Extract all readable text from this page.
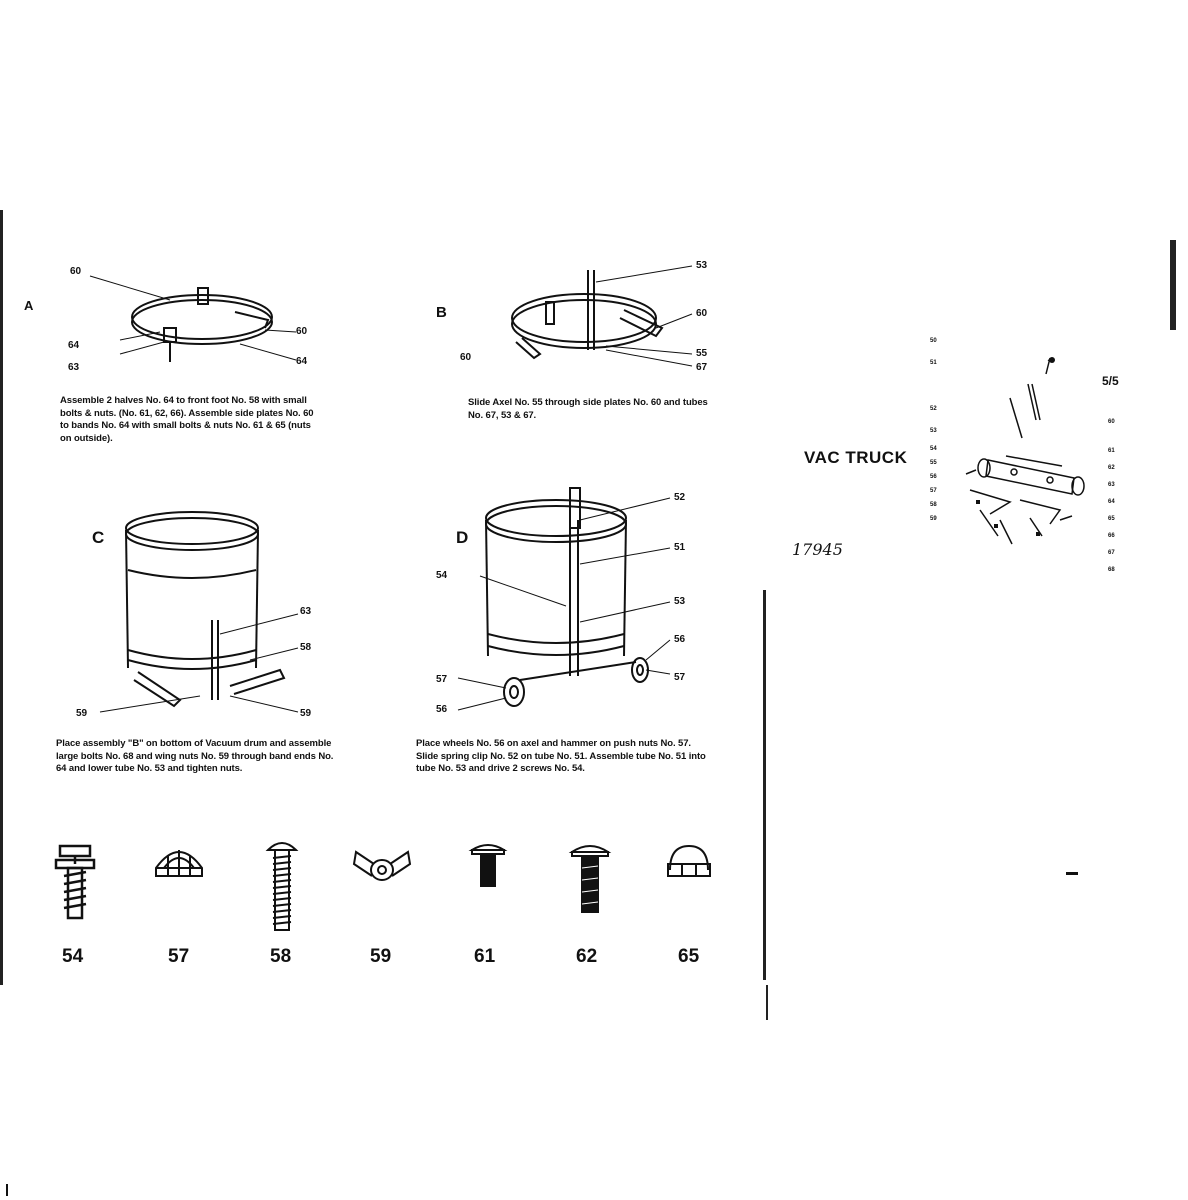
A
60
60
64
63
64
Assemble 2 halves No. 64 to front foot No. 58 with small bolts & nuts. (No. 61, 62, 66). Assemble side plates No. 60 to bands No. 64 with small bolts & nuts No. 61 & 65 (nuts on outside).
B
53
60
55
67
60
Slide Axel No. 55 through side plates No. 60 and tubes No. 67, 53 & 67.
C
63
58
59	59
Place assembly "B" on bottom of Vacuum drum and assemble large bolts No. 68 and wing nuts No. 59 through band ends No. 64 and lower tube No. 53 and tighten nuts.
D
52
51
54
53
56
57
57
56
Place wheels No. 56 on axel and hammer on push nuts No. 57. Slide spring clip No. 52 on tube No. 51. Assemble tube No. 51 into tube No. 53 and drive 2 screws No. 54.
54	57	58	59	61	62	65
VAC TRUCK
17945
5/5
50
51
52
53
54
55
56
57
58
59
60
61
62
63
64
65
66
67
68
